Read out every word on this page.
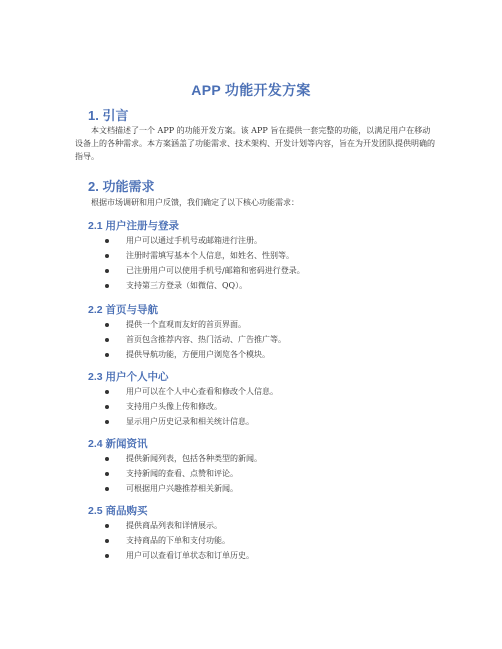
APP 功能开发方案
1. 引言
本文档描述了一个 APP 的功能开发方案。该 APP 旨在提供一套完整的功能，以满足用户在移动设备上的各种需求。本方案涵盖了功能需求、技术架构、开发计划等内容，旨在为开发团队提供明确的指导。
2. 功能需求
根据市场调研和用户反馈，我们确定了以下核心功能需求：
2.1 用户注册与登录
用户可以通过手机号或邮箱进行注册。
注册时需填写基本个人信息，如姓名、性别等。
已注册用户可以使用手机号/邮箱和密码进行登录。
支持第三方登录（如微信、QQ）。
2.2 首页与导航
提供一个直观而友好的首页界面。
首页包含推荐内容、热门活动、广告推广等。
提供导航功能，方便用户浏览各个模块。
2.3 用户个人中心
用户可以在个人中心查看和修改个人信息。
支持用户头像上传和修改。
显示用户历史记录和相关统计信息。
2.4 新闻资讯
提供新闻列表，包括各种类型的新闻。
支持新闻的查看、点赞和评论。
可根据用户兴趣推荐相关新闻。
2.5 商品购买
提供商品列表和详情展示。
支持商品的下单和支付功能。
用户可以查看订单状态和订单历史。
